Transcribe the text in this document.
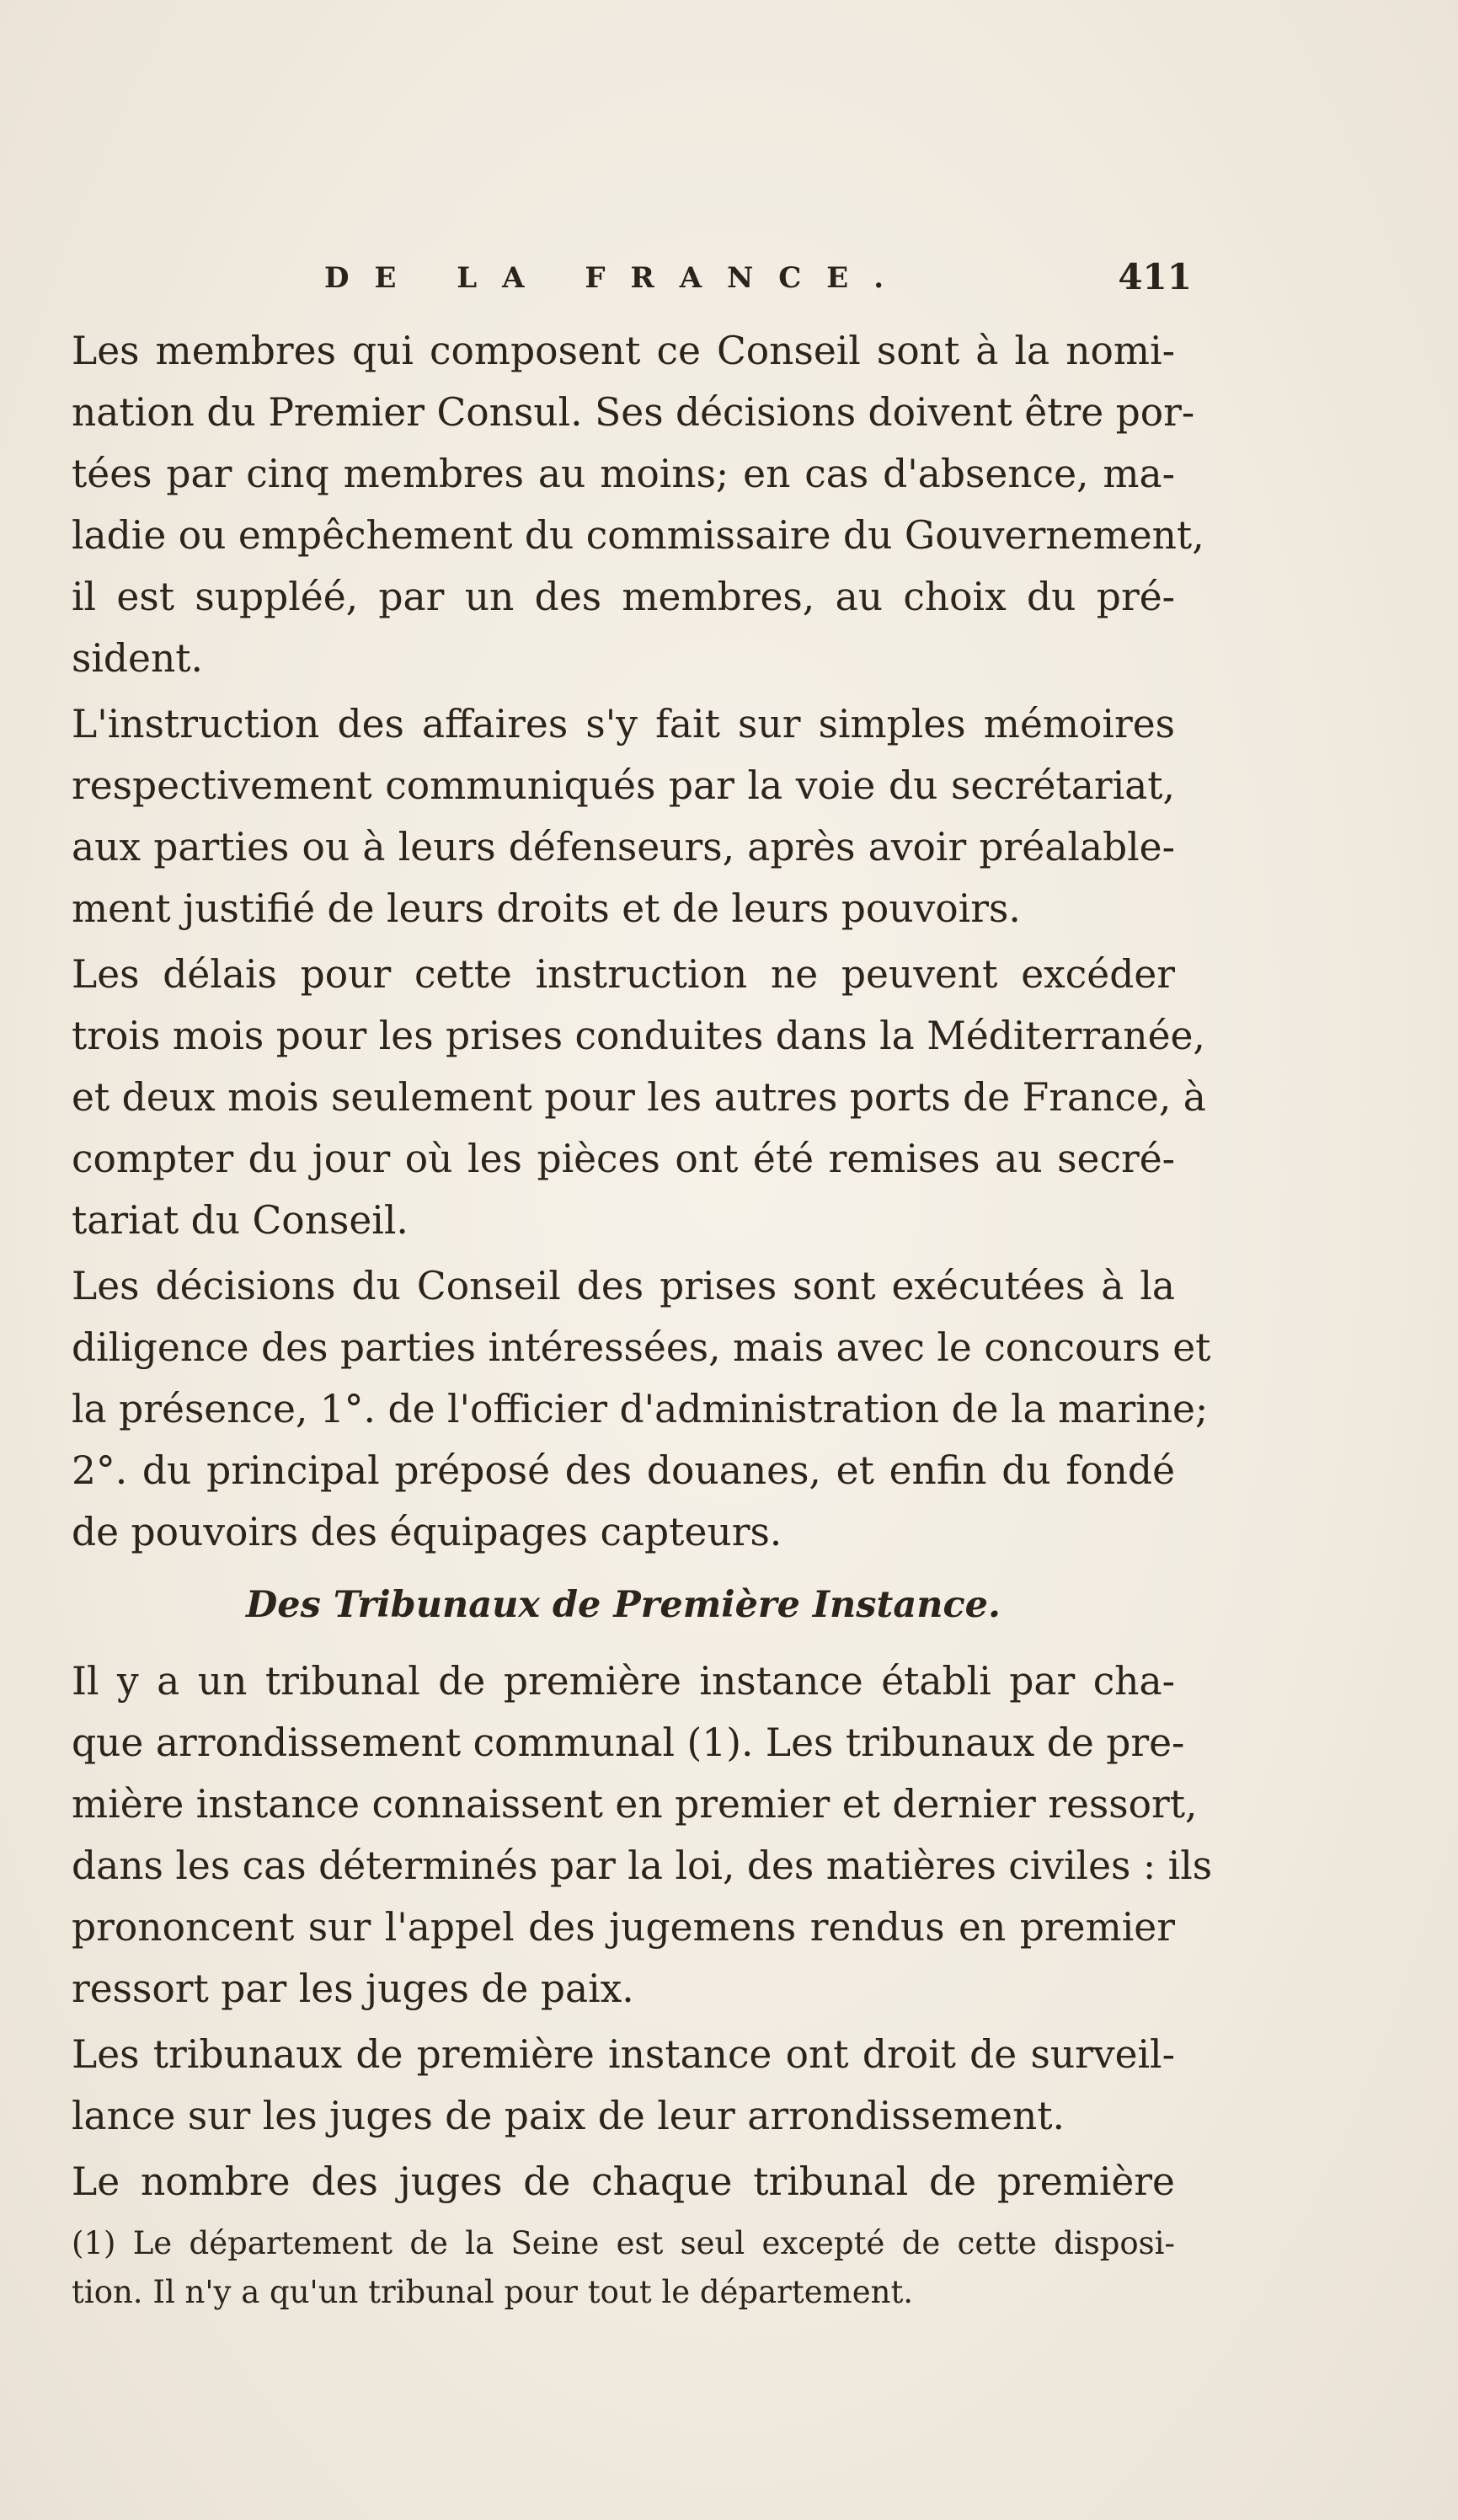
DE LA FRANCE.	411
Les membres qui composent ce Conseil sont à la nomi-
nation du Premier Consul. Ses décisions doivent être por-
tées par cinq membres au moins; en cas d'absence, ma-
ladie ou empêchement du commissaire du Gouvernement,
il est suppléé, par un des membres, au choix du pré-
sident.
L'instruction des affaires s'y fait sur simples mémoires
respectivement communiqués par la voie du secrétariat,
aux parties ou à leurs défenseurs, après avoir préalable-
ment justifié de leurs droits et de leurs pouvoirs.
Les délais pour cette instruction ne peuvent excéder
trois mois pour les prises conduites dans la Méditerranée,
et deux mois seulement pour les autres ports de France, à
compter du jour où les pièces ont été remises au secré-
tariat du Conseil.
Les décisions du Conseil des prises sont exécutées à la
diligence des parties intéressées, mais avec le concours et
la présence, 1°. de l'officier d'administration de la marine;
2°. du principal préposé des douanes, et enfin du fondé
de pouvoirs des équipages capteurs.
Des Tribunaux de Première Instance.
Il y a un tribunal de première instance établi par cha-
que arrondissement communal (1). Les tribunaux de pre-
mière instance connaissent en premier et dernier ressort,
dans les cas déterminés par la loi, des matières civiles : ils
prononcent sur l'appel des jugemens rendus en premier
ressort par les juges de paix.
Les tribunaux de première instance ont droit de surveil-
lance sur les juges de paix de leur arrondissement.
Le nombre des juges de chaque tribunal de première
(1) Le département de la Seine est seul excepté de cette disposi-
tion. Il n'y a qu'un tribunal pour tout le département.
